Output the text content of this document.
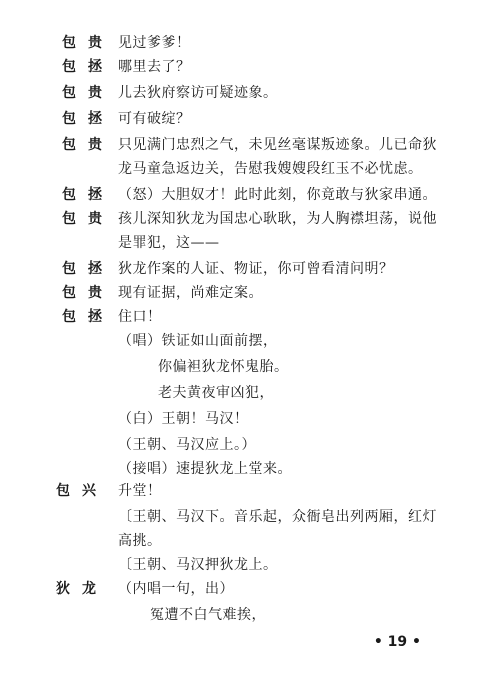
包 贵 见过爹爹！
包 拯 哪里去了？
包 贵 儿去狄府察访可疑迹象。
包 拯 可有破绽？
包 贵 只见满门忠烈之气，未见丝毫谋叛迹象。儿已命狄
龙马童急返边关，告慰我嫂嫂段红玉不必忧虑。
包 拯 （怒）大胆奴才！此时此刻，你竟敢与狄家串通。
包 贵 孩儿深知狄龙为国忠心耿耿，为人胸襟坦荡，说他
是罪犯，这——
包 拯 狄龙作案的人证、物证，你可曾看清问明？
包 贵 现有证据，尚难定案。
包 拯 住口！
（唱）铁证如山面前摆，
你偏袒狄龙怀鬼胎。
老夫黄夜审凶犯，
（白）王朝！马汉！
（王朝、马汉应上。）
（接唱）速提狄龙上堂来。
包 兴 升堂！
〔王朝、马汉下。音乐起，众衙皂出列两厢，红灯
高挑。
〔王朝、马汉押狄龙上。
狄 龙 （内唱一句，出）
冤遭不白气难挨，
• 19 •
